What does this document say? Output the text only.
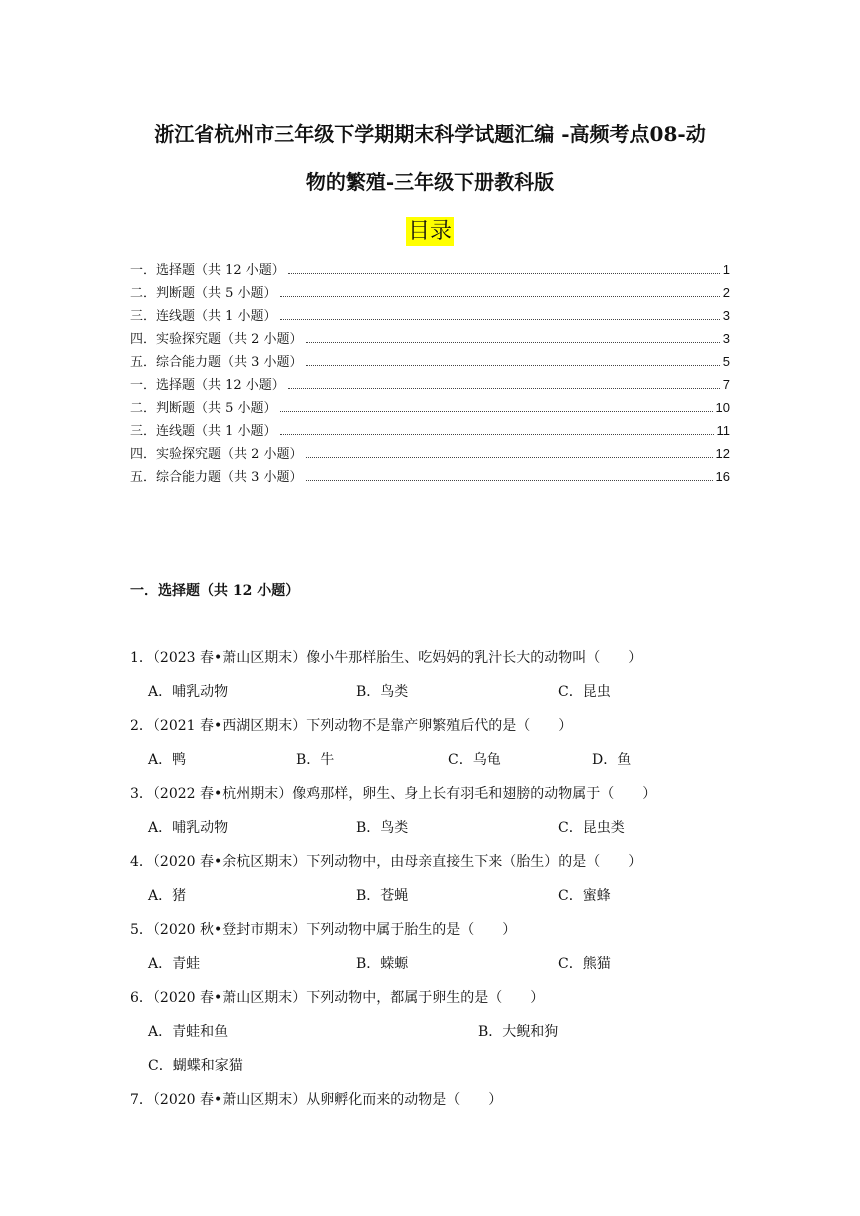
浙江省杭州市三年级下学期期末科学试题汇编 -高频考点08-动
物的繁殖-三年级下册教科版
目录
一．选择题（共 12 小题）	1
二．判断题（共 5 小题）	2
三．连线题（共 1 小题）	3
四．实验探究题（共 2 小题）	3
五．综合能力题（共 3 小题）	5
一．选择题（共 12 小题）	7
二．判断题（共 5 小题）	10
三．连线题（共 1 小题）	11
四．实验探究题（共 2 小题）	12
五．综合能力题（共 3 小题）	16
一．选择题（共 12 小题）
1．（2023 春•萧山区期末）像小牛那样胎生、吃妈妈的乳汁长大的动物叫（　　）
A．哺乳动物	B．鸟类	C．昆虫
2．（2021 春•西湖区期末）下列动物不是靠产卵繁殖后代的是（　　）
A．鸭	B．牛	C．乌龟	D．鱼
3．（2022 春•杭州期末）像鸡那样，卵生、身上长有羽毛和翅膀的动物属于（　　）
A．哺乳动物	B．鸟类	C．昆虫类
4．（2020 春•余杭区期末）下列动物中，由母亲直接生下来（胎生）的是（　　）
A．猪	B．苍蝇	C．蜜蜂
5．（2020 秋•登封市期末）下列动物中属于胎生的是（　　）
A．青蛙	B．蝾螈	C．熊猫
6．（2020 春•萧山区期末）下列动物中，都属于卵生的是（　　）
A．青蛙和鱼	B．大鲵和狗
C．蝴蝶和家猫
7．（2020 春•萧山区期末）从卵孵化而来的动物是（　　）
